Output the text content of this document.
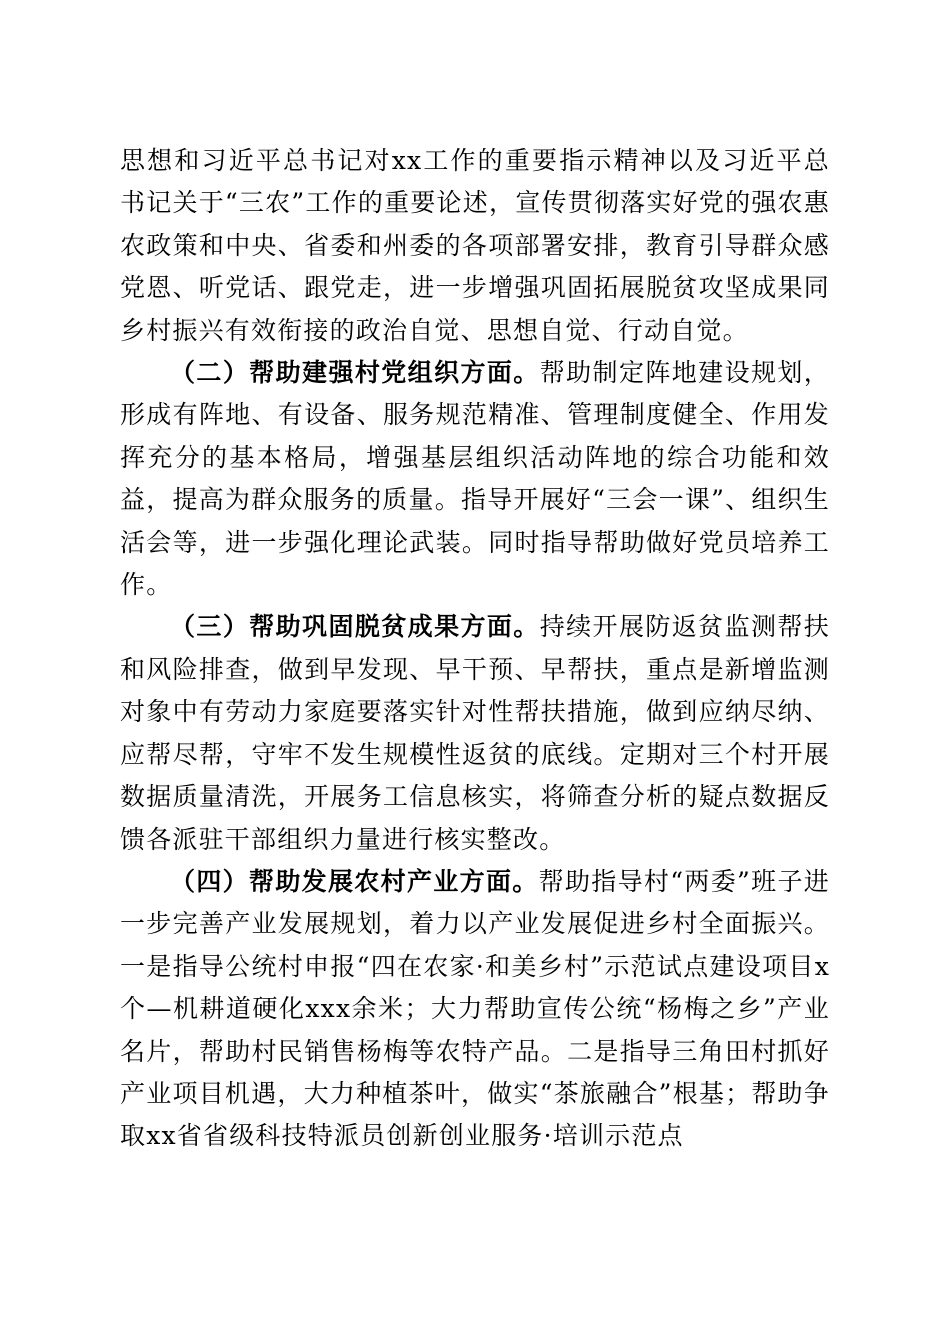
思想和习近平总书记对xx工作的重要指示精神以及习近平总书记关于“三农”工作的重要论述，宣传贯彻落实好党的强农惠农政策和中央、省委和州委的各项部署安排，教育引导群众感党恩、听党话、跟党走，进一步增强巩固拓展脱贫攻坚成果同乡村振兴有效衔接的政治自觉、思想自觉、行动自觉。

（二）帮助建强村党组织方面。帮助制定阵地建设规划，形成有阵地、有设备、服务规范精准、管理制度健全、作用发挥充分的基本格局，增强基层组织活动阵地的综合功能和效益，提高为群众服务的质量。指导开展好“三会一课”、组织生活会等，进一步强化理论武装。同时指导帮助做好党员培养工作。

（三）帮助巩固脱贫成果方面。持续开展防返贫监测帮扶和风险排查，做到早发现、早干预、早帮扶，重点是新增监测对象中有劳动力家庭要落实针对性帮扶措施，做到应纳尽纳、应帮尽帮，守牢不发生规模性返贫的底线。定期对三个村开展数据质量清洗，开展务工信息核实，将筛查分析的疑点数据反馈各派驻干部组织力量进行核实整改。

（四）帮助发展农村产业方面。帮助指导村“两委”班子进一步完善产业发展规划，着力以产业发展促进乡村全面振兴。一是指导公统村申报“四在农家·和美乡村”示范试点建设项目x个—机耕道硬化xxx余米；大力帮助宣传公统“杨梅之乡”产业名片，帮助村民销售杨梅等农特产品。二是指导三角田村抓好产业项目机遇，大力种植茶叶，做实“茶旅融合”根基；帮助争取xx省省级科技特派员创新创业服务·培训示范点
